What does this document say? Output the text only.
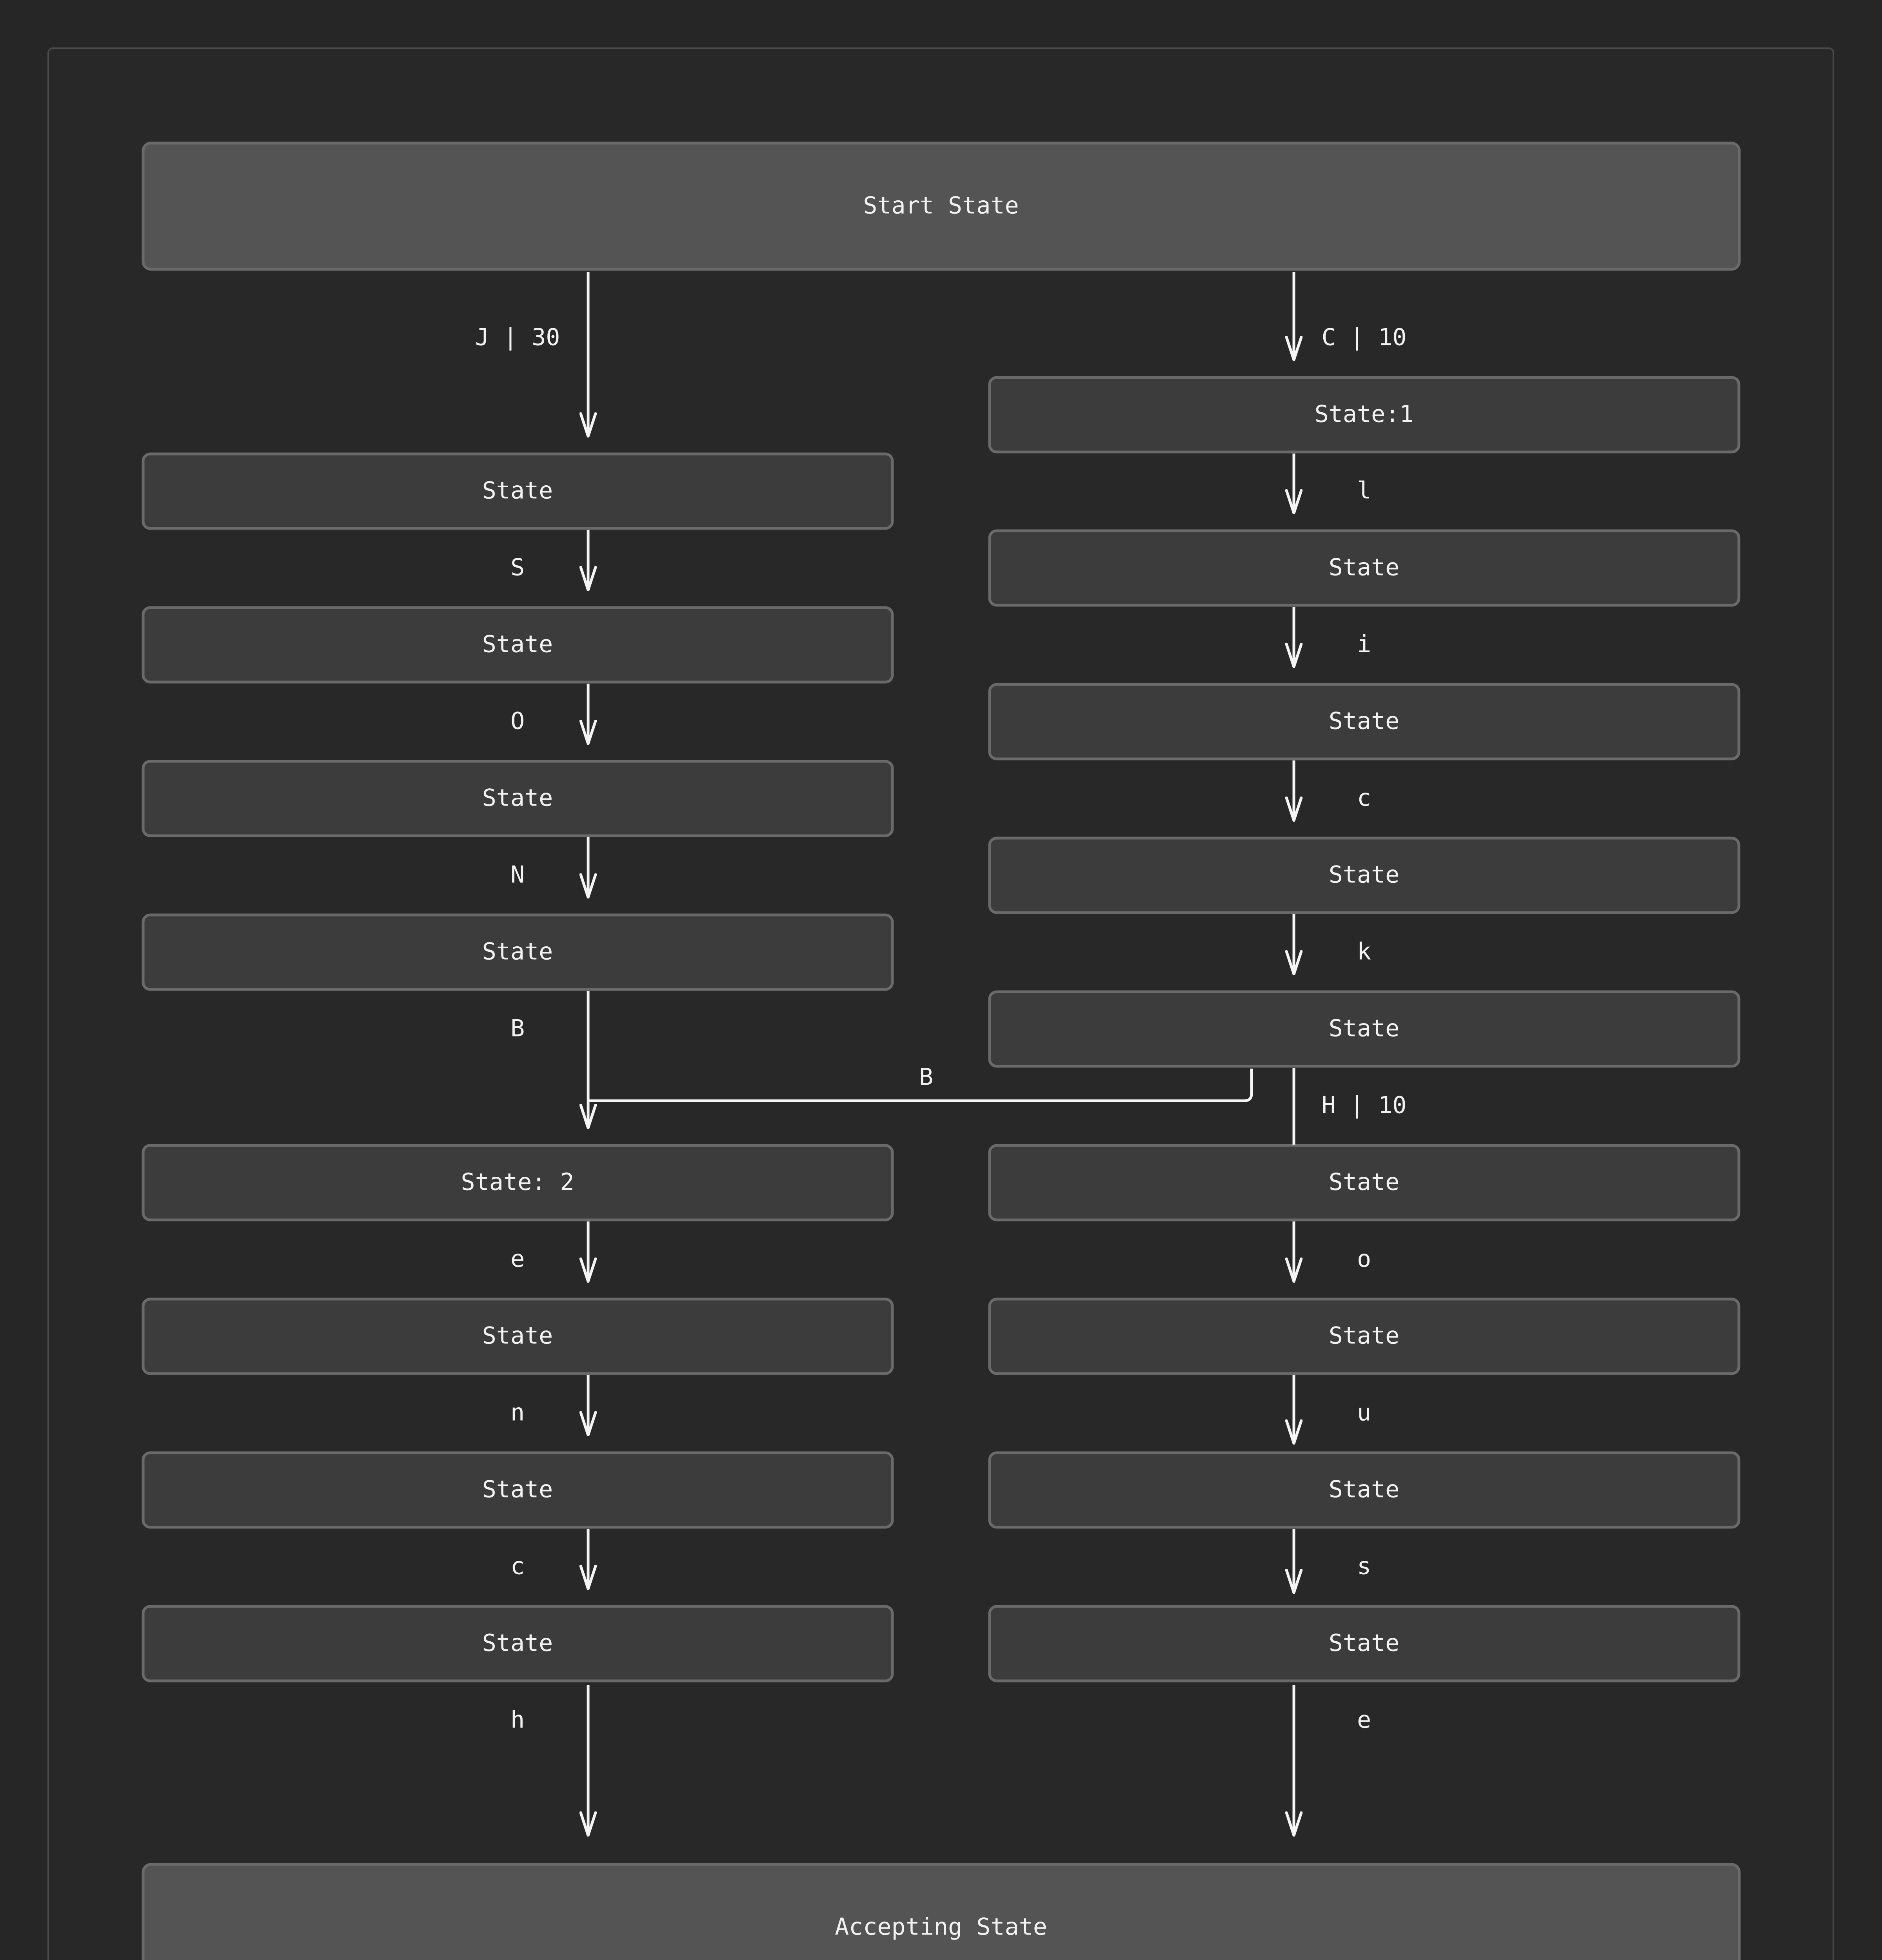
Start State
Accepting State
State
State
State
State
State: 2
State
State
State
State:1
State
State
State
State
State
State
State
State
J | 30	C | 10
S
O
N
B
e
n
c
h
l
i
c
k
H | 10
o
u
s
e
B
